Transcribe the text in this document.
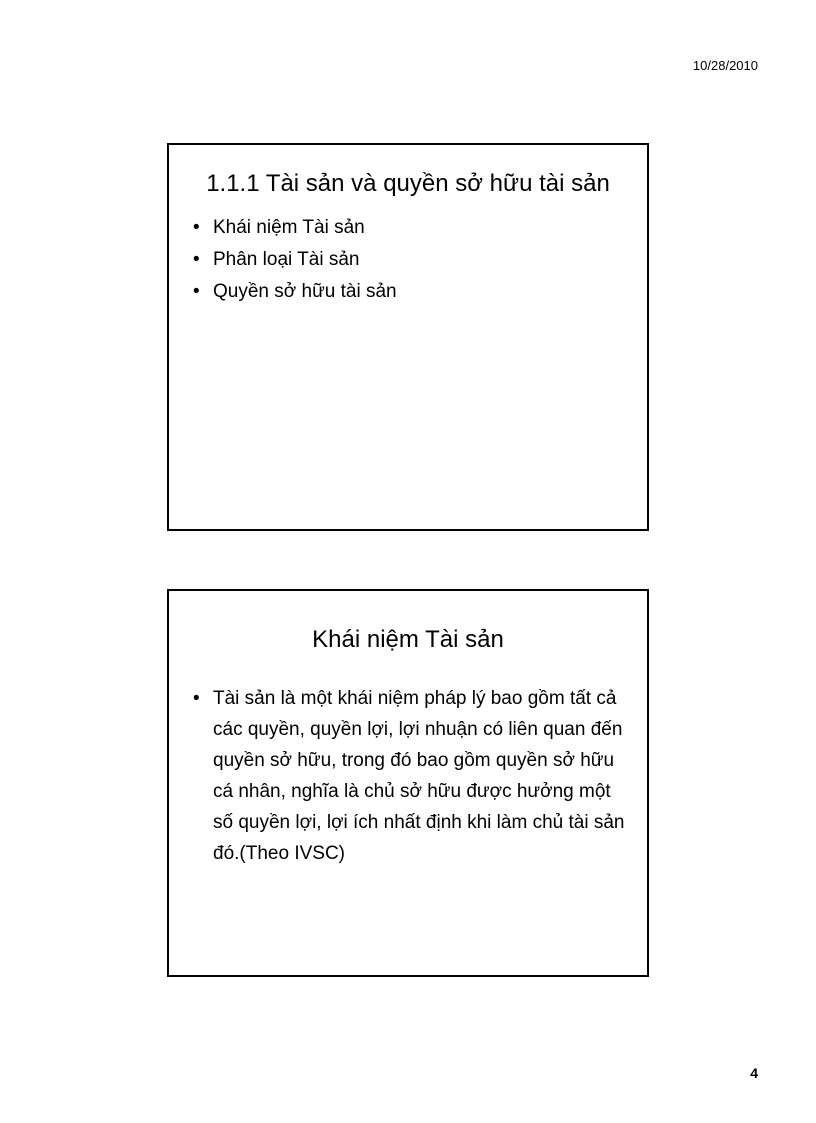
10/28/2010
1.1.1 Tài sản và quyền sở hữu tài sản
• Khái niệm Tài sản
• Phân loại Tài sản
• Quyền sở hữu tài sản
Khái niệm Tài sản
• Tài sản là một khái niệm pháp lý bao gồm tất cả các quyền, quyền lợi, lợi nhuận có liên quan đến quyền sở hữu, trong đó bao gồm quyền sở hữu cá nhân, nghĩa là chủ sở hữu được hưởng một số quyền lợi, lợi ích nhất định khi làm chủ tài sản đó.(Theo IVSC)
4
